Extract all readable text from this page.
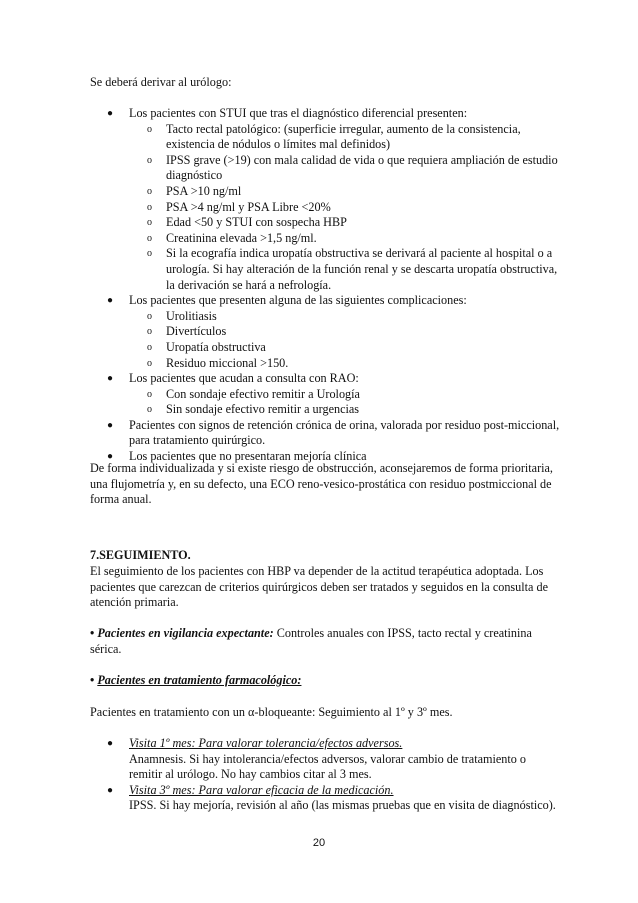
Se deberá derivar al urólogo:

● Los pacientes con STUI que tras el diagnóstico diferencial presenten:
o Tacto rectal patológico: (superficie irregular, aumento de la consistencia, existencia de nódulos o límites mal definidos)
o IPSS grave (>19) con mala calidad de vida o que requiera ampliación de estudio diagnóstico
o PSA >10 ng/ml
o PSA >4 ng/ml y PSA Libre <20%
o Edad <50 y STUI con sospecha HBP
o Creatinina elevada >1,5 ng/ml.
o Si la ecografía indica uropatía obstructiva se derivará al paciente al hospital o a urología. Si hay alteración de la función renal y se descarta uropatía obstructiva, la derivación se hará a nefrología.
● Los pacientes que presenten alguna de las siguientes complicaciones:
o Urolitiasis
o Divertículos
o Uropatía obstructiva
o Residuo miccional >150.
● Los pacientes que acudan a consulta con RAO:
o Con sondaje efectivo remitir a Urología
o Sin sondaje efectivo remitir a urgencias
● Pacientes con signos de retención crónica de orina, valorada por residuo post-miccional, para tratamiento quirúrgico.
● Los pacientes que no presentaran mejoría clínica

De forma individualizada y si existe riesgo de obstrucción, aconsejaremos de forma prioritaria, una flujometría y, en su defecto, una ECO reno-vesico-prostática con residuo postmiccional de forma anual.

7.SEGUIMIENTO.

El seguimiento de los pacientes con HBP va depender de la actitud terapéutica adoptada. Los pacientes que carezcan de criterios quirúrgicos deben ser tratados y seguidos en la consulta de atención primaria.

• Pacientes en vigilancia expectante: Controles anuales con IPSS, tacto rectal y creatinina sérica.

• Pacientes en tratamiento farmacológico:

Pacientes en tratamiento con un α-bloqueante: Seguimiento al 1º y 3º mes.

● Visita 1º mes: Para valorar tolerancia/efectos adversos.
Anamnesis. Si hay intolerancia/efectos adversos, valorar cambio de tratamiento o remitir al urólogo. No hay cambios citar al 3 mes.
● Visita 3º mes: Para valorar eficacia de la medicación.
IPSS. Si hay mejoría, revisión al año (las mismas pruebas que en visita de diagnóstico).
20
